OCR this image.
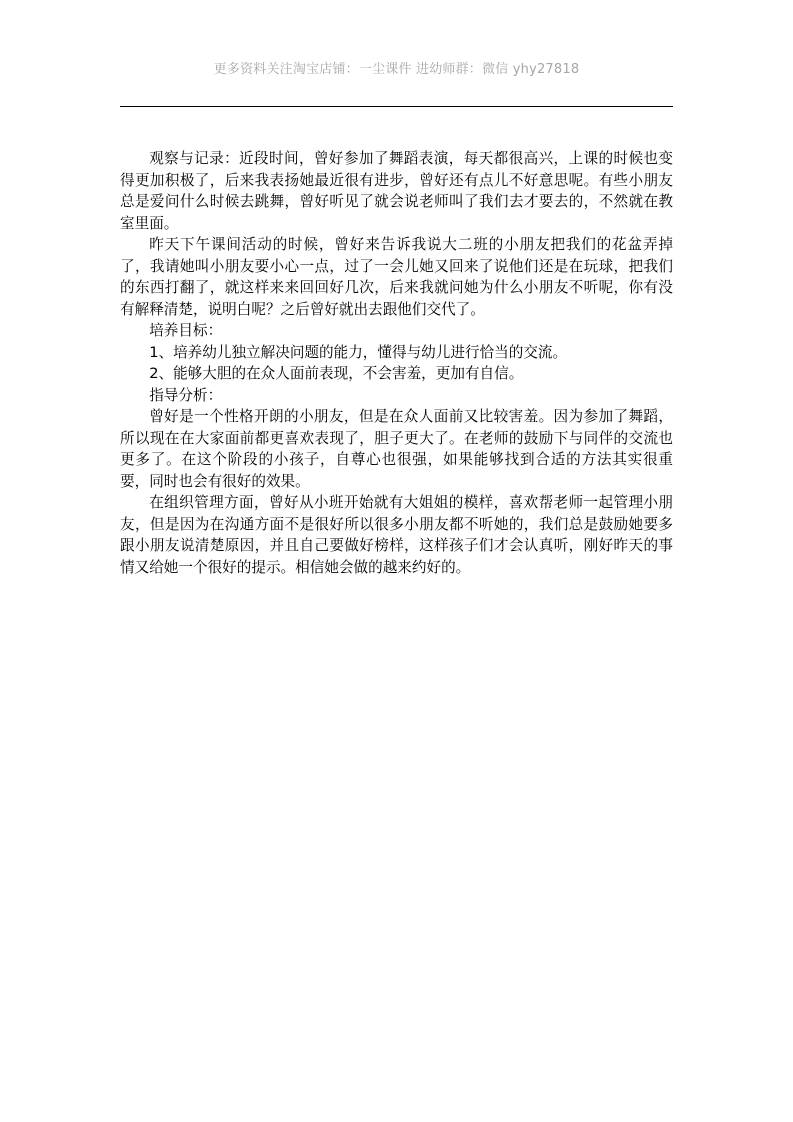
更多资料关注淘宝店铺：一尘课件 进幼师群：微信 yhy27818

观察与记录：近段时间，曾好参加了舞蹈表演，每天都很高兴，上课的时候也变得更加积极了，后来我表扬她最近很有进步，曾好还有点儿不好意思呢。有些小朋友总是爱问什么时候去跳舞，曾好听见了就会说老师叫了我们去才要去的，不然就在教室里面。

昨天下午课间活动的时候，曾好来告诉我说大二班的小朋友把我们的花盆弄掉了，我请她叫小朋友要小心一点，过了一会儿她又回来了说他们还是在玩球，把我们的东西打翻了，就这样来来回回好几次，后来我就问她为什么小朋友不听呢，你有没有解释清楚，说明白呢？之后曾好就出去跟他们交代了。

培养目标：

1、培养幼儿独立解决问题的能力，懂得与幼儿进行恰当的交流。

2、能够大胆的在众人面前表现，不会害羞，更加有自信。

指导分析：

曾好是一个性格开朗的小朋友，但是在众人面前又比较害羞。因为参加了舞蹈，所以现在在大家面前都更喜欢表现了，胆子更大了。在老师的鼓励下与同伴的交流也更多了。在这个阶段的小孩子，自尊心也很强，如果能够找到合适的方法其实很重要，同时也会有很好的效果。

在组织管理方面，曾好从小班开始就有大姐姐的模样，喜欢帮老师一起管理小朋友，但是因为在沟通方面不是很好所以很多小朋友都不听她的，我们总是鼓励她要多跟小朋友说清楚原因，并且自己要做好榜样，这样孩子们才会认真听，刚好昨天的事情又给她一个很好的提示。相信她会做的越来约好的。
